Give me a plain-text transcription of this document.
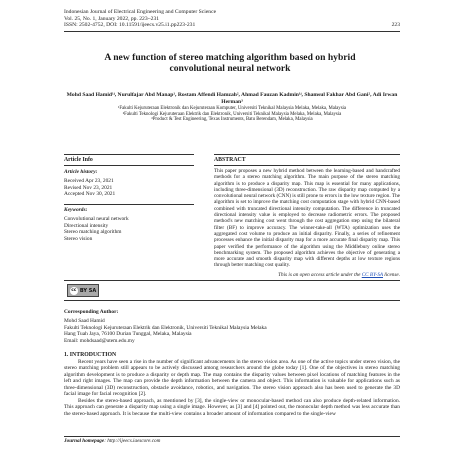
Indonesian Journal of Electrical Engineering and Computer Science
Vol. 25, No. 1, January 2022, pp. 223~231
ISSN: 2502-4752, DOI: 10.11591/ijeecs.v25.i1.pp223-231	223
A new function of stereo matching algorithm based on hybrid
convolutional neural network
Mohd Saad Hamid¹ʲ, Nurulfajar Abd Manap¹, Rostam Affendi Hamzah², Ahmad Fauzan Kadmin¹ʲ, Shamsul Fakhar Abd Gani², Adi Irwan Herman³
¹Fakulti Kejuruteraan Elektronik dan Kejuruteraan Komputer, Universiti Teknikal Malaysia Melaka, Melaka, Malaysia
²Fakulti Teknologi Kejuruteraan Elektrik dan Elektronik, Universiti Teknikal Malaysia Melaka, Melaka, Malaysia
³Product & Test Engineering, Texas Instruments, Batu Berendam, Melaka, Malaysia
Article Info	ABSTRACT
Article history:
Received Apr 23, 2021
Revised Nov 23, 2021
Accepted Nov 30, 2021
Keywords:
Convolutional neural network
Directional intensity
Stereo matching algorithm
Stereo vision
This paper proposes a new hybrid method between the learning-based and handcrafted methods for a stereo matching algorithm. The main purpose of the stereo matching algorithm is to produce a disparity map. This map is essential for many applications, including three-dimensional (3D) reconstruction. The raw disparity map computed by a convolutional neural network (CNN) is still prone to errors in the low texture region. The algorithm is set to improve the matching cost computation stage with hybrid CNN-based combined with truncated directional intensity computation. The difference in truncated directional intensity value is employed to decrease radiometric errors. The proposed method's new matching cost went through the cost aggregation step using the bilateral filter (BF) to improve accuracy. The winner-take-all (WTA) optimization uses the aggregated cost volume to produce an initial disparity. Finally, a series of refinement processes enhance the initial disparity map for a more accurate final disparity map. This paper verified the performance of the algorithm using the Middlebury online stereo benchmarking system. The proposed algorithm achieves the objective of generating a more accurate and smooth disparity map with different depths at low texture regions through better matching cost quality.
This is an open access article under the CC BY-SA license.
cc BY SA
Corresponding Author:
Mohd Saad Hamid
Fakulti Teknologi Kejuruteraan Elektrik dan Elektronik, Universiti Teknikal Malaysia Melaka
Hang Tuah Jaya, 76100 Durian Tunggal, Melaka, Malaysia
Email: mohdsaad@utem.edu.my
1. INTRODUCTION

Recent years have seen a rise in the number of significant advancements in the stereo vision area. As one of the active topics under stereo vision, the stereo matching problem still appears to be actively discussed among researchers around the globe today [1]. One of the objectives in stereo matching algorithm development is to produce a disparity or depth map. The map contains the disparity values between pixel locations of matching features in the left and right images. The map can provide the depth information between the camera and object. This information is valuable for applications such as three-dimensional (3D) reconstruction, obstacle avoidance, robotics, and navigation. The stereo vision approach also has been used to generate the 3D facial image for facial recognition [2].

Besides the stereo-based approach, as mentioned by [3], the single-view or monocular-based method can also produce depth-related information. This approach can generate a disparity map using a single image. However, as [3] and [4] pointed out, the monocular depth method was less accurate than the stereo-based approach. It is because the multi-view contains a broader amount of information compared to the single-view

Journal homepage: http://ijeecs.iaescore.com
